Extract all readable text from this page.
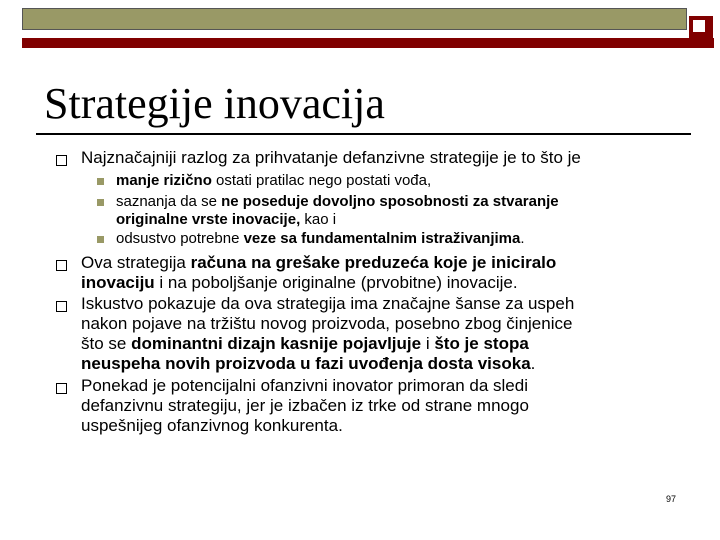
Strategije inovacija
Najznačajniji razlog za prihvatanje defanzivne strategije je to što je
manje rizično ostati pratilac nego postati vođa,
saznanja da se ne poseduje dovoljno sposobnosti za stvaranje
originalne vrste inovacije, kao i
odsustvo potrebne veze sa fundamentalnim istraživanjima.
Ova strategija računa na grešake preduzeća koje je iniciralo
inovaciju i na poboljšanje originalne (prvobitne) inovacije.
Iskustvo pokazuje da ova strategija ima značajne šanse za uspeh
nakon pojave na tržištu novog proizvoda, posebno zbog činjenice
što se dominantni dizajn kasnije pojavljuje i što je stopa
neuspeha novih proizvoda u fazi uvođenja dosta visoka.
Ponekad je potencijalni ofanzivni inovator primoran da sledi
defanzivnu strategiju, jer je izbačen iz trke od strane mnogo
uspešnijeg ofanzivnog konkurenta.
97
